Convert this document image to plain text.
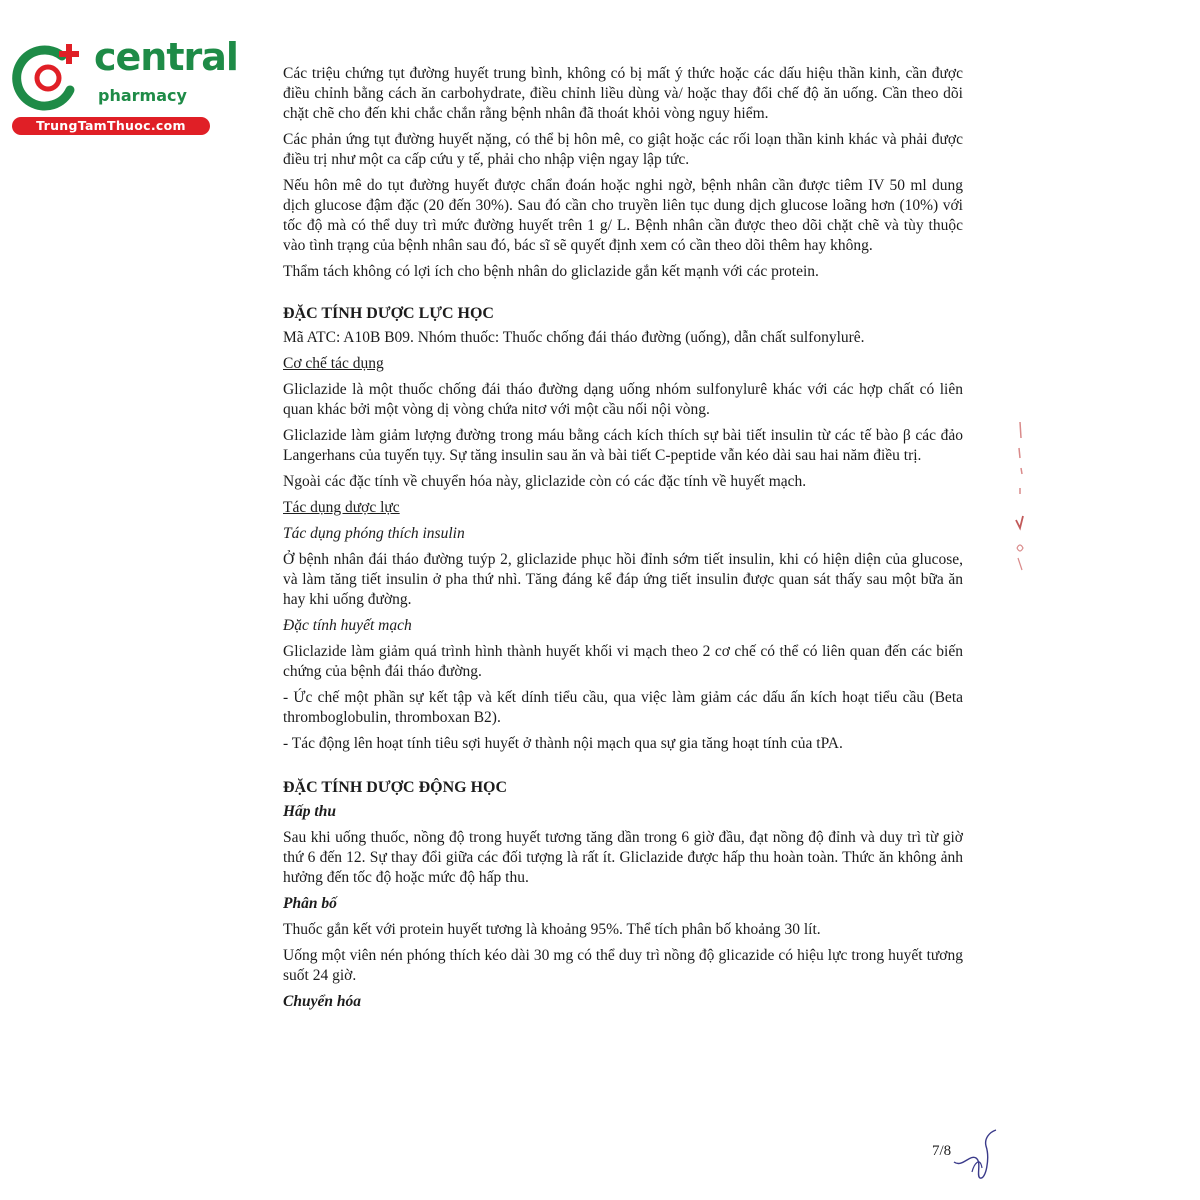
central
pharmacy
TrungTamThuoc.com

Các triệu chứng tụt đường huyết trung bình, không có bị mất ý thức hoặc các dấu hiệu thần kinh, cần được điều chỉnh bằng cách ăn carbohydrate, điều chỉnh liều dùng và/ hoặc thay đổi chế độ ăn uống. Cần theo dõi chặt chẽ cho đến khi chắc chắn rằng bệnh nhân đã thoát khỏi vòng nguy hiểm.

Các phản ứng tụt đường huyết nặng, có thể bị hôn mê, co giật hoặc các rối loạn thần kinh khác và phải được điều trị như một ca cấp cứu y tế, phải cho nhập viện ngay lập tức.

Nếu hôn mê do tụt đường huyết được chẩn đoán hoặc nghi ngờ, bệnh nhân cần được tiêm IV 50 ml dung dịch glucose đậm đặc (20 đến 30%). Sau đó cần cho truyền liên tục dung dịch glucose loãng hơn (10%) với tốc độ mà có thể duy trì mức đường huyết trên 1 g/ L. Bệnh nhân cần được theo dõi chặt chẽ và tùy thuộc vào tình trạng của bệnh nhân sau đó, bác sĩ sẽ quyết định xem có cần theo dõi thêm hay không.

Thẩm tách không có lợi ích cho bệnh nhân do gliclazide gắn kết mạnh với các protein.

ĐẶC TÍNH DƯỢC LỰC HỌC

Mã ATC: A10B B09. Nhóm thuốc: Thuốc chống đái tháo đường (uống), dẫn chất sulfonylurê.

Cơ chế tác dụng

Gliclazide là một thuốc chống đái tháo đường dạng uống nhóm sulfonylurê khác với các hợp chất có liên quan khác bởi một vòng dị vòng chứa nitơ với một cầu nối nội vòng.

Gliclazide làm giảm lượng đường trong máu bằng cách kích thích sự bài tiết insulin từ các tế bào β các đảo Langerhans của tuyến tụy. Sự tăng insulin sau ăn và bài tiết C-peptide vẫn kéo dài sau hai năm điều trị.

Ngoài các đặc tính về chuyển hóa này, gliclazide còn có các đặc tính về huyết mạch.

Tác dụng dược lực

Tác dụng phóng thích insulin

Ở bệnh nhân đái tháo đường tuýp 2, gliclazide phục hồi đỉnh sớm tiết insulin, khi có hiện diện của glucose, và làm tăng tiết insulin ở pha thứ nhì. Tăng đáng kể đáp ứng tiết insulin được quan sát thấy sau một bữa ăn hay khi uống đường.

Đặc tính huyết mạch

Gliclazide làm giảm quá trình hình thành huyết khối vi mạch theo 2 cơ chế có thể có liên quan đến các biến chứng của bệnh đái tháo đường.

- Ức chế một phần sự kết tập và kết dính tiểu cầu, qua việc làm giảm các dấu ấn kích hoạt tiểu cầu (Beta thromboglobulin, thromboxan B2).

- Tác động lên hoạt tính tiêu sợi huyết ở thành nội mạch qua sự gia tăng hoạt tính của tPA.

ĐẶC TÍNH DƯỢC ĐỘNG HỌC

Hấp thu

Sau khi uống thuốc, nồng độ trong huyết tương tăng dần trong 6 giờ đầu, đạt nồng độ đỉnh và duy trì từ giờ thứ 6 đến 12. Sự thay đổi giữa các đối tượng là rất ít. Gliclazide được hấp thu hoàn toàn. Thức ăn không ảnh hưởng đến tốc độ hoặc mức độ hấp thu.

Phân bố

Thuốc gắn kết với protein huyết tương là khoảng 95%. Thể tích phân bố khoảng 30 lít.

Uống một viên nén phóng thích kéo dài 30 mg có thể duy trì nồng độ glicazide có hiệu lực trong huyết tương suốt 24 giờ.

Chuyển hóa

7/8
